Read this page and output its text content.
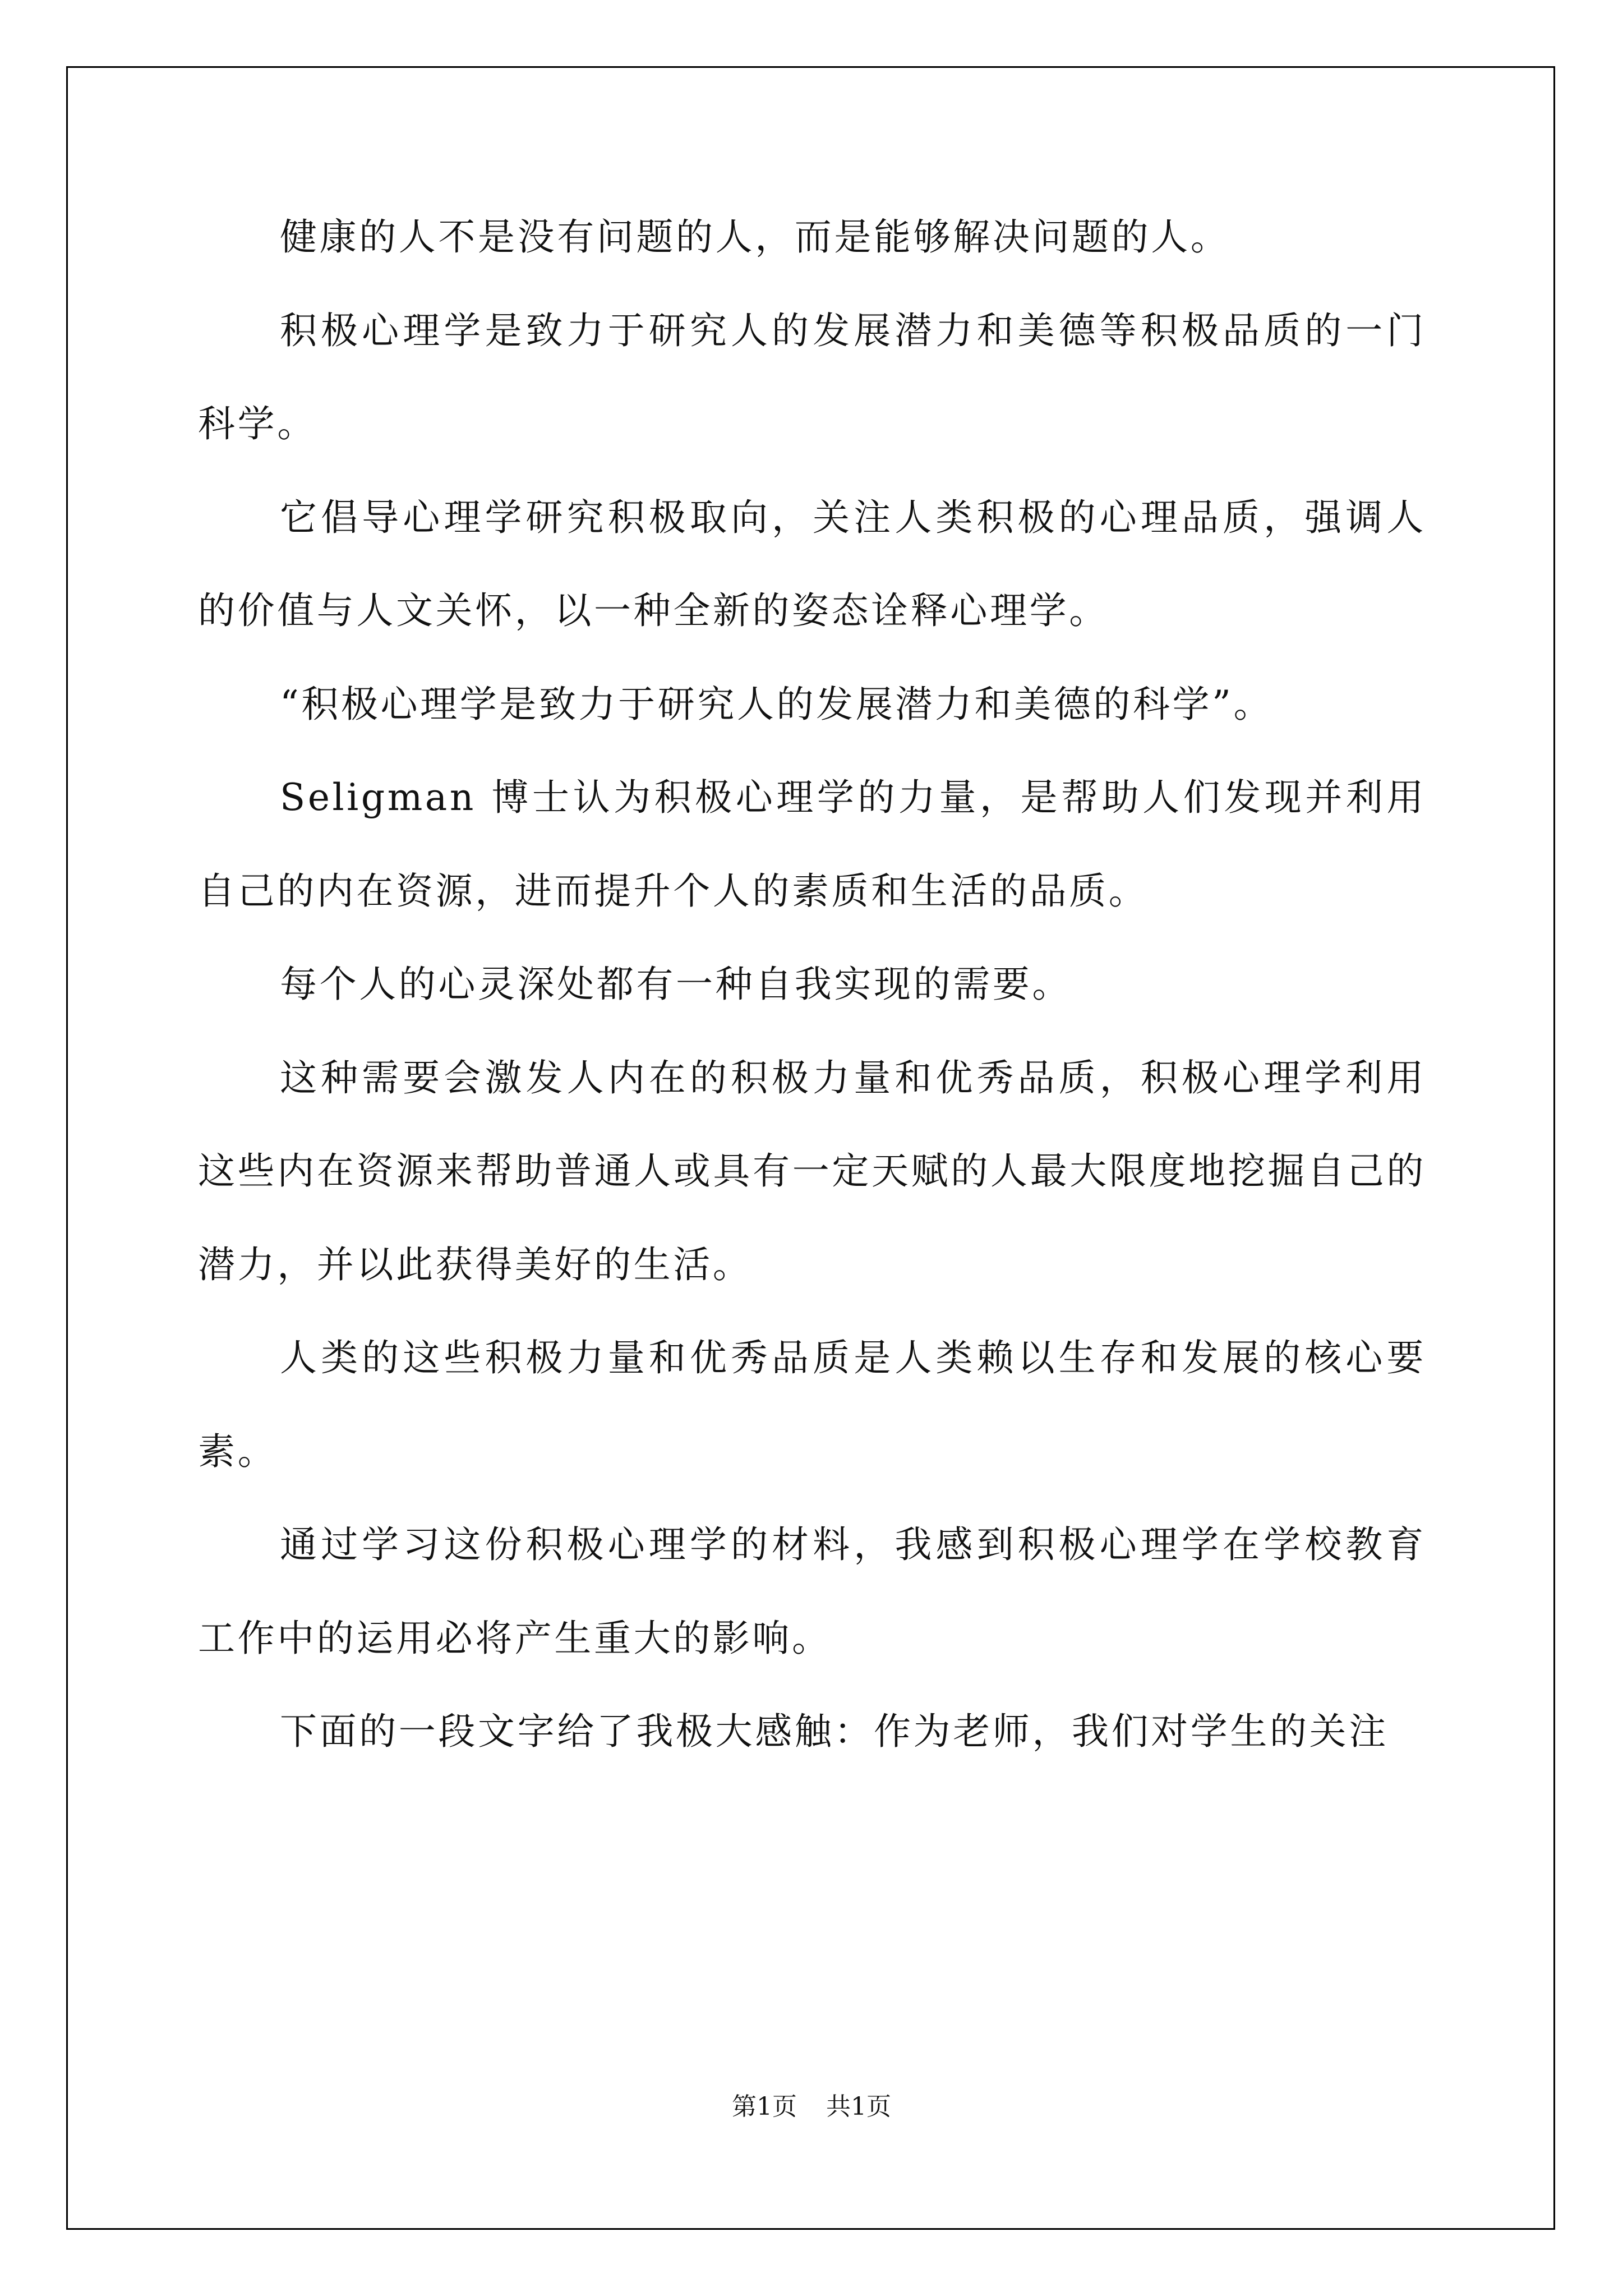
健康的人不是没有问题的人，而是能够解决问题的人。

积极心理学是致力于研究人的发展潜力和美德等积极品质的一门科学。

它倡导心理学研究积极取向，关注人类积极的心理品质，强调人的价值与人文关怀，以一种全新的姿态诠释心理学。

“积极心理学是致力于研究人的发展潜力和美德的科学”。

Seligman 博士认为积极心理学的力量，是帮助人们发现并利用自己的内在资源，进而提升个人的素质和生活的品质。

每个人的心灵深处都有一种自我实现的需要。

这种需要会激发人内在的积极力量和优秀品质，积极心理学利用这些内在资源来帮助普通人或具有一定天赋的人最大限度地挖掘自己的潜力，并以此获得美好的生活。

人类的这些积极力量和优秀品质是人类赖以生存和发展的核心要素。

通过学习这份积极心理学的材料，我感到积极心理学在学校教育工作中的运用必将产生重大的影响。

下面的一段文字给了我极大感触：作为老师，我们对学生的关注

第1页 共1页
